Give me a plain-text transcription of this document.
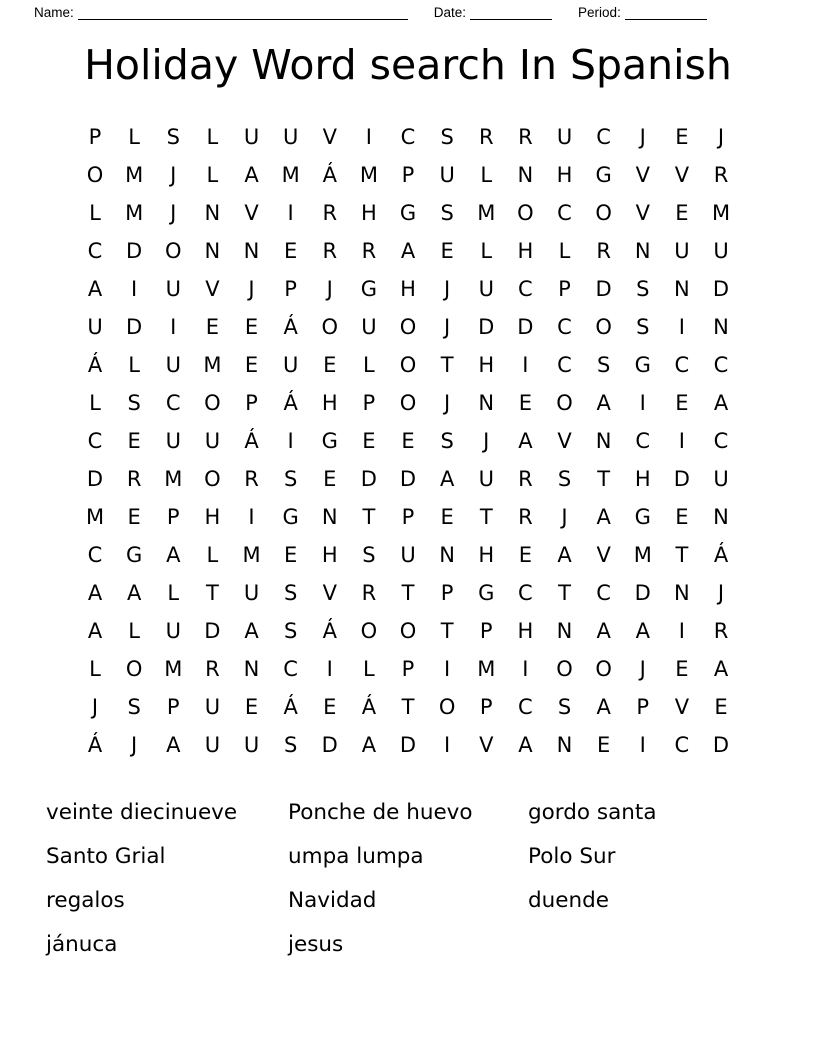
Name:	Date:	Period:
Holiday Word search In Spanish
P	L	S	L	U	U	V	I	C	S	R	R	U	C	J	E	J
O	M	J	L	A	M	Á	M	P	U	L	N	H	G	V	V	R
L	M	J	N	V	I	R	H	G	S	M	O	C	O	V	E	M
C	D	O	N	N	E	R	R	A	E	L	H	L	R	N	U	U
A	I	U	V	J	P	J	G	H	J	U	C	P	D	S	N	D
U	D	I	E	E	Á	O	U	O	J	D	D	C	O	S	I	N
Á	L	U	M	E	U	E	L	O	T	H	I	C	S	G	C	C
L	S	C	O	P	Á	H	P	O	J	N	E	O	A	I	E	A
C	E	U	U	Á	I	G	E	E	S	J	A	V	N	C	I	C
D	R	M	O	R	S	E	D	D	A	U	R	S	T	H	D	U
M	E	P	H	I	G	N	T	P	E	T	R	J	A	G	E	N
C	G	A	L	M	E	H	S	U	N	H	E	A	V	M	T	Á
A	A	L	T	U	S	V	R	T	P	G	C	T	C	D	N	J
A	L	U	D	A	S	Á	O	O	T	P	H	N	A	A	I	R
L	O	M	R	N	C	I	L	P	I	M	I	O	O	J	E	A
J	S	P	U	E	Á	E	Á	T	O	P	C	S	A	P	V	E
Á	J	A	U	U	S	D	A	D	I	V	A	N	E	I	C	D
veinte diecinueve
Santo Grial
regalos
jánuca
Ponche de huevo
umpa lumpa
Navidad
jesus
gordo santa
Polo Sur
duende
